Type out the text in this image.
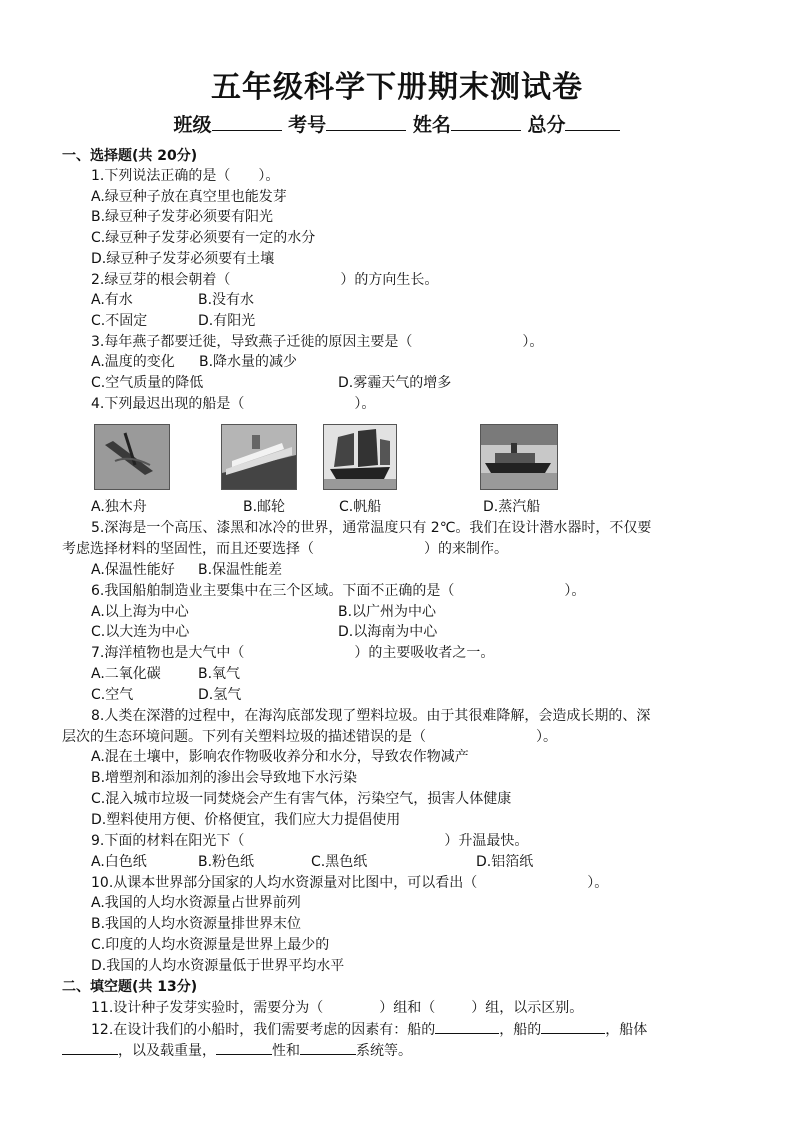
五年级科学下册期末测试卷
班级	考号	姓名	总分
一、选择题(共 20分)
1.下列说法正确的是（　　）。
A.绿豆种子放在真空里也能发芽
B.绿豆种子发芽必须要有阳光
C.绿豆种子发芽必须要有一定的水分
D.绿豆种子发芽必须要有土壤
2.绿豆芽的根会朝着（	）的方向生长。
A.有水	B.没有水
C.不固定	D.有阳光
3.每年燕子都要迁徙，导致燕子迁徙的原因主要是（	）。
A.温度的变化 B.降水量的减少
C.空气质量的降低	D.雾霾天气的增多
4.下列最迟出现的船是（	）。
A.独木舟	B.邮轮	C.帆船	D.蒸汽船
5.深海是一个高压、漆黑和冰冷的世界，通常温度只有 2℃。我们在设计潜水器时，不仅要
考虑选择材料的坚固性，而且还要选择（	）的来制作。
A.保温性能好 B.保温性能差
6.我国船舶制造业主要集中在三个区域。下面不正确的是（	）。
A.以上海为中心	B.以广州为中心
C.以大连为中心	D.以海南为中心
7.海洋植物也是大气中（	）的主要吸收者之一。
A.二氧化碳	B.氧气
C.空气	D.氢气
8.人类在深潜的过程中，在海沟底部发现了塑料垃圾。由于其很难降解，会造成长期的、深
层次的生态环境问题。下列有关塑料垃圾的描述错误的是（	）。
A.混在土壤中，影响农作物吸收养分和水分，导致农作物减产
B.增塑剂和添加剂的渗出会导致地下水污染
C.混入城市垃圾一同焚烧会产生有害气体，污染空气，损害人体健康
D.塑料使用方便、价格便宜，我们应大力提倡使用
9.下面的材料在阳光下（	）升温最快。
A.白色纸	B.粉色纸	C.黑色纸	D.铝箔纸
10.从课本世界部分国家的人均水资源量对比图中，可以看出（	）。
A.我国的人均水资源量占世界前列
B.我国的人均水资源量排世界末位
C.印度的人均水资源量是世界上最少的
D.我国的人均水资源量低于世界平均水平
二、填空题(共 13分)
11.设计种子发芽实验时，需要分为（	）组和（	）组，以示区别。
12.在设计我们的小船时，我们需要考虑的因素有：船的	，船的	，船体
，以及载重量，	性和	系统等。
